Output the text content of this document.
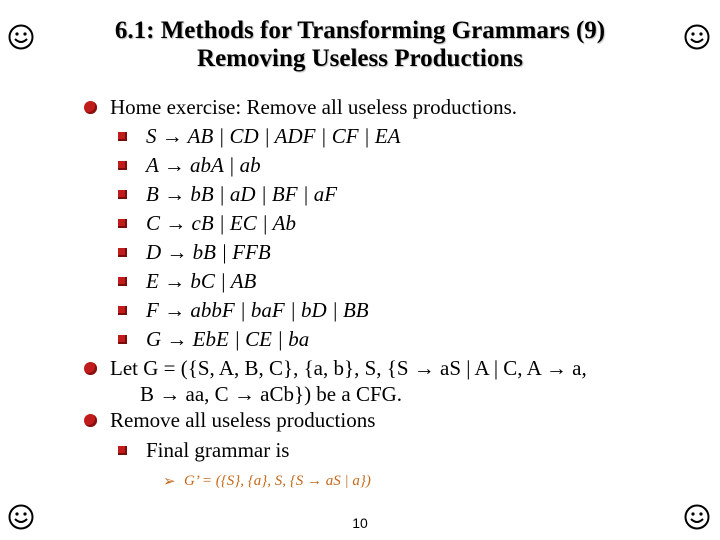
6.1: Methods for Transforming Grammars (9)
Removing Useless Productions
Home exercise: Remove all useless productions.
S → AB | CD | ADF | CF | EA
A → abA | ab
B → bB | aD | BF | aF
C → cB | EC | Ab
D → bB | FFB
E → bC | AB
F → abbF | baF | bD | BB
G → EbE | CE | ba
Let G = ({S, A, B, C}, {a, b}, S, {S → aS | A | C, A → a,
B → aa, C → aCb}) be a CFG.
Remove all useless productions
Final grammar is
➢ G’ = ({S}, {a}, S, {S → aS | a})
10
